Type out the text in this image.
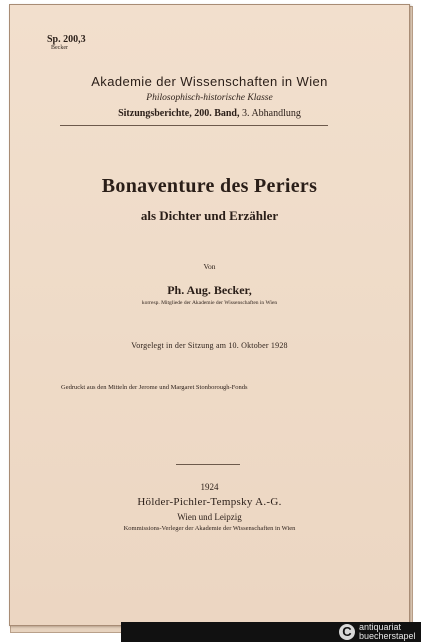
Sp. 200,3
Becker
Akademie der Wissenschaften in Wien
Philosophisch-historische Klasse
Sitzungsberichte, 200. Band, 3. Abhandlung
Bonaventure des Periers
als Dichter und Erzähler
Von
Ph. Aug. Becker,
korresp. Mitgliede der Akademie der Wissenschaften in Wien
Vorgelegt in der Sitzung am 10. Oktober 1928
Gedruckt aus den Mitteln der Jerome und Margaret Stonborough-Fonds
1924
Hölder-Pichler-Tempsky A.-G.
Wien und Leipzig
Kommissions-Verleger der Akademie der Wissenschaften in Wien
C antiquariat
buecherstapel
